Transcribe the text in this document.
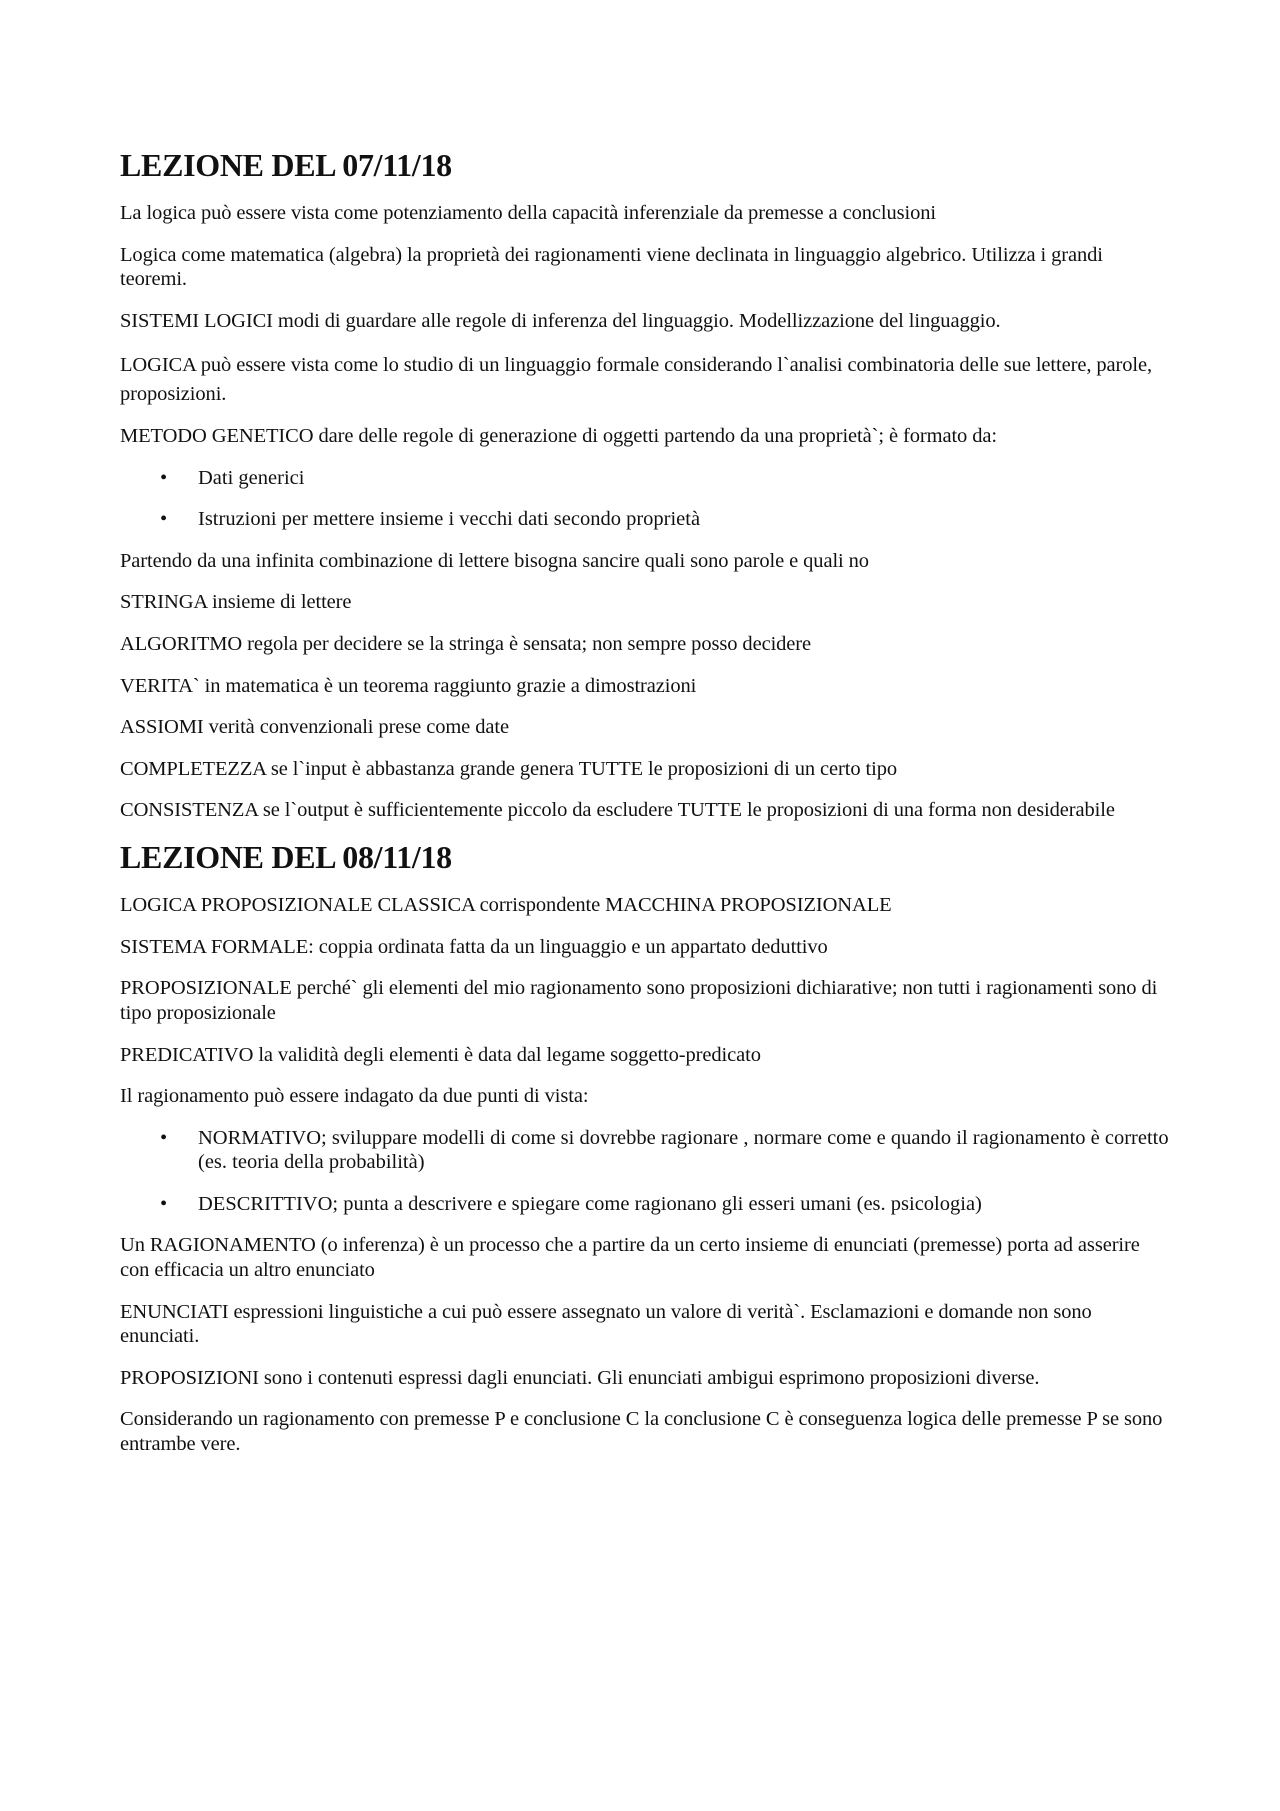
LEZIONE DEL 07/11/18

La logica può essere vista come potenziamento della capacità inferenziale da premesse a conclusioni

Logica come matematica (algebra) la proprietà dei ragionamenti viene declinata in linguaggio algebrico. Utilizza i grandi teoremi.

SISTEMI LOGICI modi di guardare alle regole di inferenza del linguaggio. Modellizzazione del linguaggio.

LOGICA può essere vista come lo studio di un linguaggio formale considerando l`analisi combinatoria delle sue lettere, parole, proposizioni.

METODO GENETICO dare delle regole di generazione di oggetti partendo da una proprietà`; è formato da:

• Dati generici
• Istruzioni per mettere insieme i vecchi dati secondo proprietà

Partendo da una infinita combinazione di lettere bisogna sancire quali sono parole e quali no

STRINGA insieme di lettere

ALGORITMO regola per decidere se la stringa è sensata; non sempre posso decidere

VERITA` in matematica è un teorema raggiunto grazie a dimostrazioni

ASSIOMI verità convenzionali prese come date

COMPLETEZZA se l`input è abbastanza grande genera TUTTE le proposizioni di un certo tipo

CONSISTENZA se l`output è sufficientemente piccolo da escludere TUTTE le proposizioni di una forma non desiderabile

LEZIONE DEL 08/11/18

LOGICA PROPOSIZIONALE CLASSICA corrispondente MACCHINA PROPOSIZIONALE

SISTEMA FORMALE: coppia ordinata fatta da un linguaggio e un appartato deduttivo

PROPOSIZIONALE perché` gli elementi del mio ragionamento sono proposizioni dichiarative; non tutti i ragionamenti sono di tipo proposizionale

PREDICATIVO la validità degli elementi è data dal legame soggetto-predicato

Il ragionamento può essere indagato da due punti di vista:

• NORMATIVO; sviluppare modelli di come si dovrebbe ragionare , normare come e quando il ragionamento è corretto (es. teoria della probabilità)
• DESCRITTIVO; punta a descrivere e spiegare come ragionano gli esseri umani (es. psicologia)

Un RAGIONAMENTO (o inferenza) è un processo che a partire da un certo insieme di enunciati (premesse) porta ad asserire con efficacia un altro enunciato

ENUNCIATI espressioni linguistiche a cui può essere assegnato un valore di verità`. Esclamazioni e domande non sono enunciati.

PROPOSIZIONI sono i contenuti espressi dagli enunciati. Gli enunciati ambigui esprimono proposizioni diverse.

Considerando un ragionamento con premesse P e conclusione C la conclusione C è conseguenza logica delle premesse P se sono entrambe vere.
